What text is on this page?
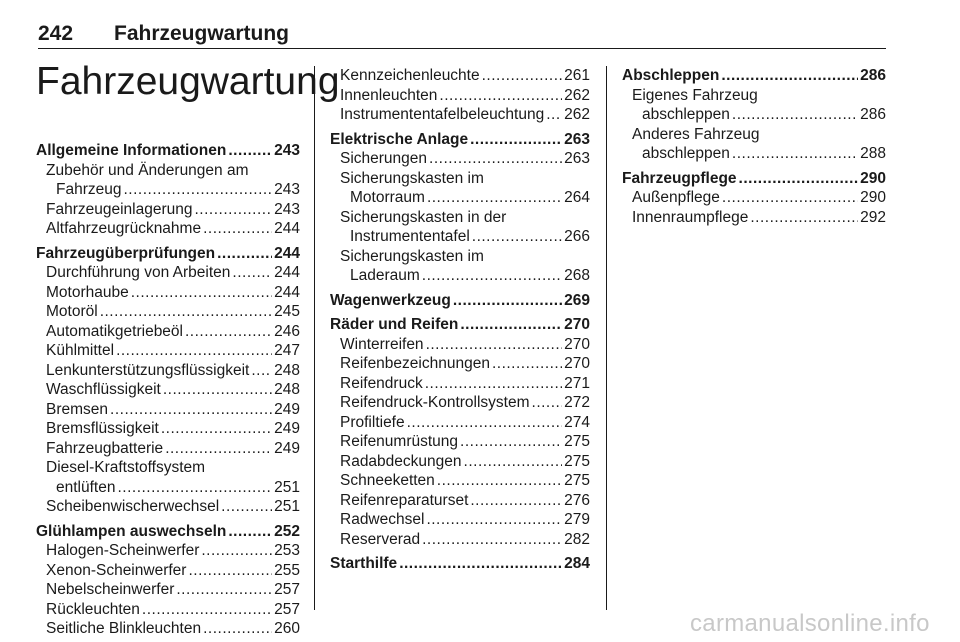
242 Fahrzeugwartung
Fahrzeugwartung
Allgemeine Informationen .....	243
Zubehör und Änderungen am
Fahrzeug .....	243
Fahrzeugeinlagerung .....	243
Altfahrzeugrücknahme .....	244
Fahrzeugüberprüfungen .....	244
Durchführung von Arbeiten .....	244
Motorhaube .....	244
Motoröl .....	245
Automatikgetriebeöl .....	246
Kühlmittel .....	247
Lenkunterstützungsflüssigkeit ..... 248
Waschflüssigkeit .....	248
Bremsen .....	249
Bremsflüssigkeit .....	249
Fahrzeugbatterie .....	249
Diesel-Kraftstoffsystem
entlüften .....	251
Scheibenwischerwechsel .....	251
Glühlampen auswechseln .....	252
Halogen-Scheinwerfer .....	253
Xenon-Scheinwerfer .....	255
Nebelscheinwerfer .....	257
Rückleuchten .....	257
Seitliche Blinkleuchten .....	260
Kennzeichenleuchte .....	261
Innenleuchten .....	262
Instrumententafelbeleuchtung ..... 262
Elektrische Anlage .....	263
Sicherungen .....	263
Sicherungskasten im
Motorraum .....	264
Sicherungskasten in der
Instrumententafel .....	266
Sicherungskasten im
Laderaum .....	268
Wagenwerkzeug .....	269
Räder und Reifen .....	270
Winterreifen .....	270
Reifenbezeichnungen .....	270
Reifendruck .....	271
Reifendruck-Kontrollsystem ..... 272
Profiltiefe .....	274
Reifenumrüstung .....	275
Radabdeckungen .....	275
Schneeketten .....	275
Reifenreparaturset .....	276
Radwechsel .....	279
Reserverad .....	282
Starthilfe .....	284
Abschleppen .....	286
Eigenes Fahrzeug
abschleppen .....	286
Anderes Fahrzeug
abschleppen .....	288
Fahrzeugpflege .....	290
Außenpflege .....	290
Innenraumpflege .....	292
carmanualsonline.info
